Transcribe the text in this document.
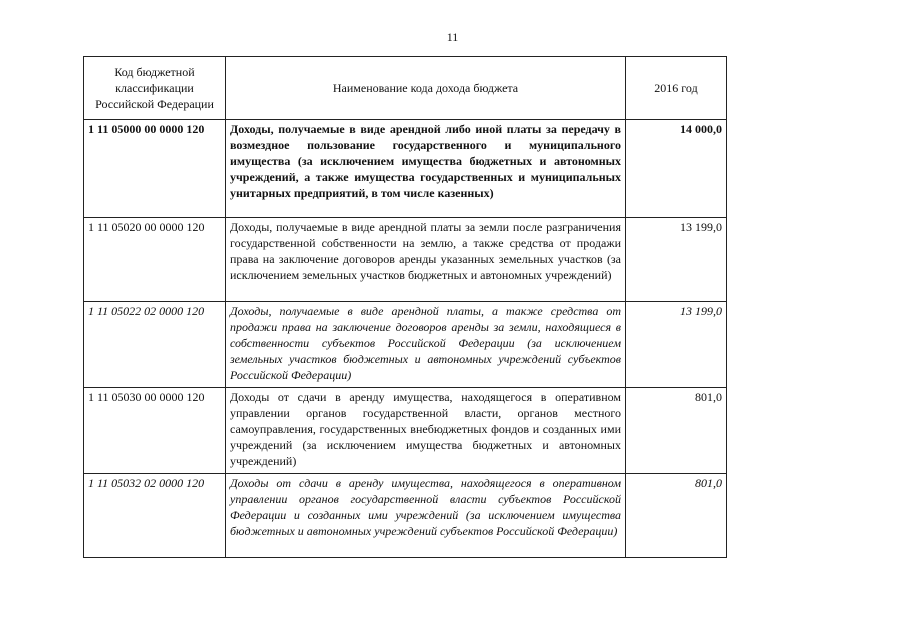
11
Код бюджетной классификации Российской Федерации	Наименование кода дохода бюджета	2016 год
1 11 05000 00 0000 120	Доходы, получаемые в виде арендной либо иной платы за передачу в возмездное пользование государственного и муниципального имущества (за исключением имущества бюджетных и автономных учреждений, а также имущества государственных и муниципальных унитарных предприятий, в том числе казенных)	14 000,0
1 11 05020 00 0000 120	Доходы, получаемые в виде арендной платы за земли после разграничения государственной собственности на землю, а также средства от продажи права на заключение договоров аренды указанных земельных участков (за исключением земельных участков бюджетных и автономных учреждений)	13 199,0
1 11 05022 02 0000 120	Доходы, получаемые в виде арендной платы, а также средства от продажи права на заключение договоров аренды за земли, находящиеся в собственности субъектов Российской Федерации (за исключением земельных участков бюджетных и автономных учреждений субъектов Российской Федерации)	13 199,0
1 11 05030 00 0000 120	Доходы от сдачи в аренду имущества, находящегося в оперативном управлении органов государственной власти, органов местного самоуправления, государственных внебюджетных фондов и созданных ими учреждений (за исключением имущества бюджетных и автономных учреждений)	801,0
1 11 05032 02 0000 120	Доходы от сдачи в аренду имущества, находящегося в оперативном управлении органов государственной власти субъектов Российской Федерации и созданных ими учреждений (за исключением имущества бюджетных и автономных учреждений субъектов Российской Федерации)	801,0
